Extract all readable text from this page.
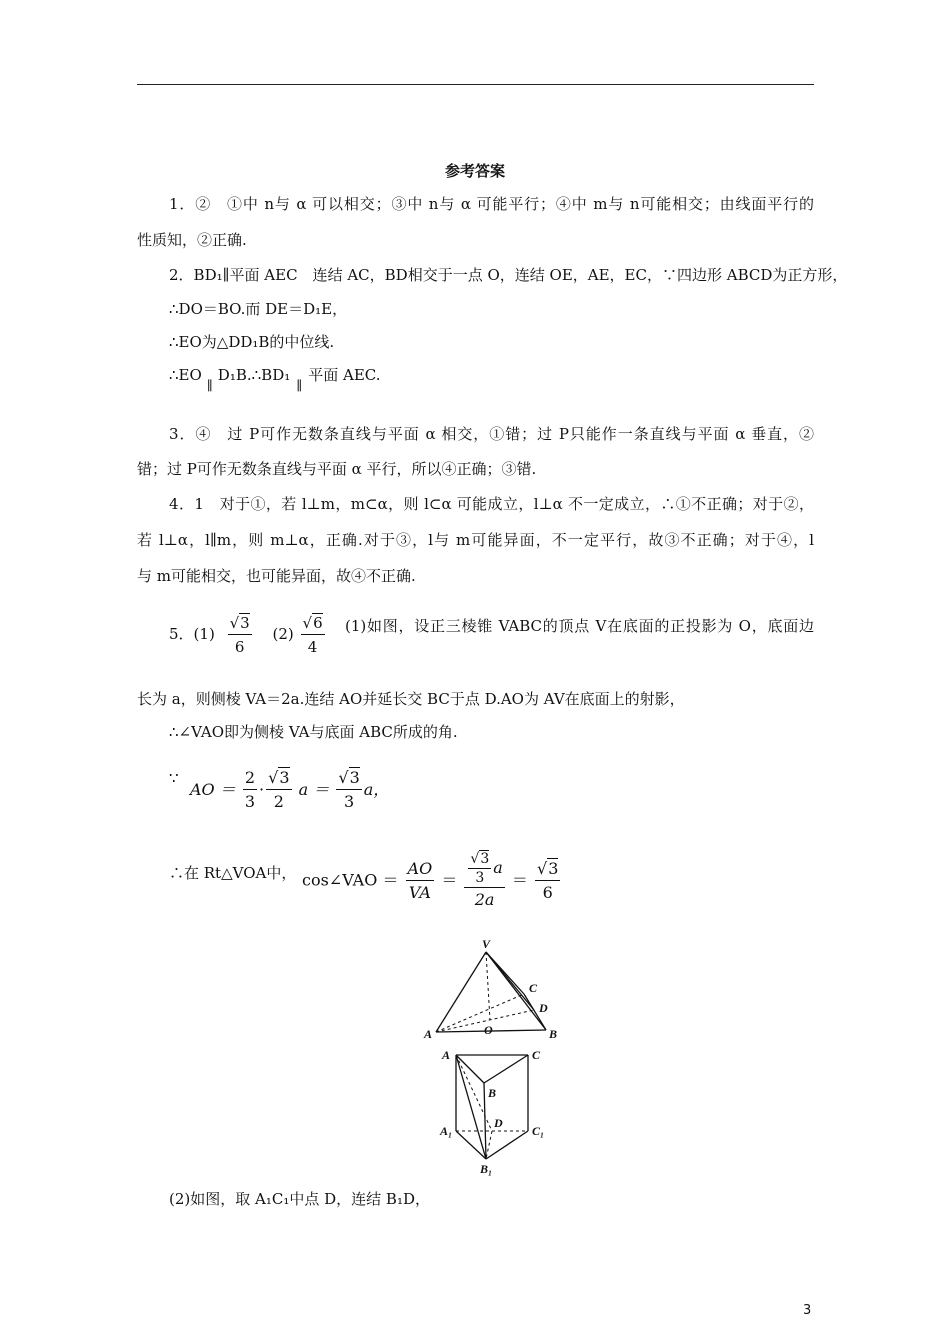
参考答案
1．②　①中 n与 α 可以相交；③中 n与 α 可能平行；④中 m与 n可能相交；由线面平行的
性质知，②正确.
2．BD₁∥平面 AEC　连结 AC，BD相交于一点 O，连结 OE，AE，EC，∵四边形 ABCD为正方形，
∴DO＝BO.而 DE＝D₁E，
∴EO为△DD₁B的中位线.
∴EO∥D₁B.∴BD₁∥平面 AEC.
3．④　过 P可作无数条直线与平面 α 相交，①错；过 P只能作一条直线与平面 α 垂直，②
错；过 P可作无数条直线与平面 α 平行，所以④正确；③错.
4．1　对于①，若 l⊥m，m⊂α，则 l⊂α 可能成立，l⊥α 不一定成立，∴①不正确；对于②，
若 l⊥α，l∥m，则 m⊥α，正确.对于③，l与 m可能异面，不一定平行，故③不正确；对于④，l
与 m可能相交，也可能异面，故④不正确.
5．$(1) \frac{√3}{6} (2) \frac{√6}{4} (1)$如图，设正三棱锥 VABC的顶点 V在底面的正投影为 O，底面边
长为 a，则侧棱 VA＝2a.连结 AO并延长交 BC于点 D.AO为 AV在底面上的射影，
∴∠VAO即为侧棱 VA与底面 ABC所成的角.
∵
AO ＝ $\frac{2}{3} \cdot \frac{√3}{2}$ $a = \frac{√3}{3}$ a，
∴在 Rt△VOA中， cos∠VAO ＝ $\frac{AO}{VA} = \frac{\frac{√3}{3} a}{2a} = \frac{√3}{6}$
V
A	B
C
D
O
A	C
B
D
A₁	C₁
B₁
(2)如图，取 A₁C₁中点 D，连结 B₁D，
3
